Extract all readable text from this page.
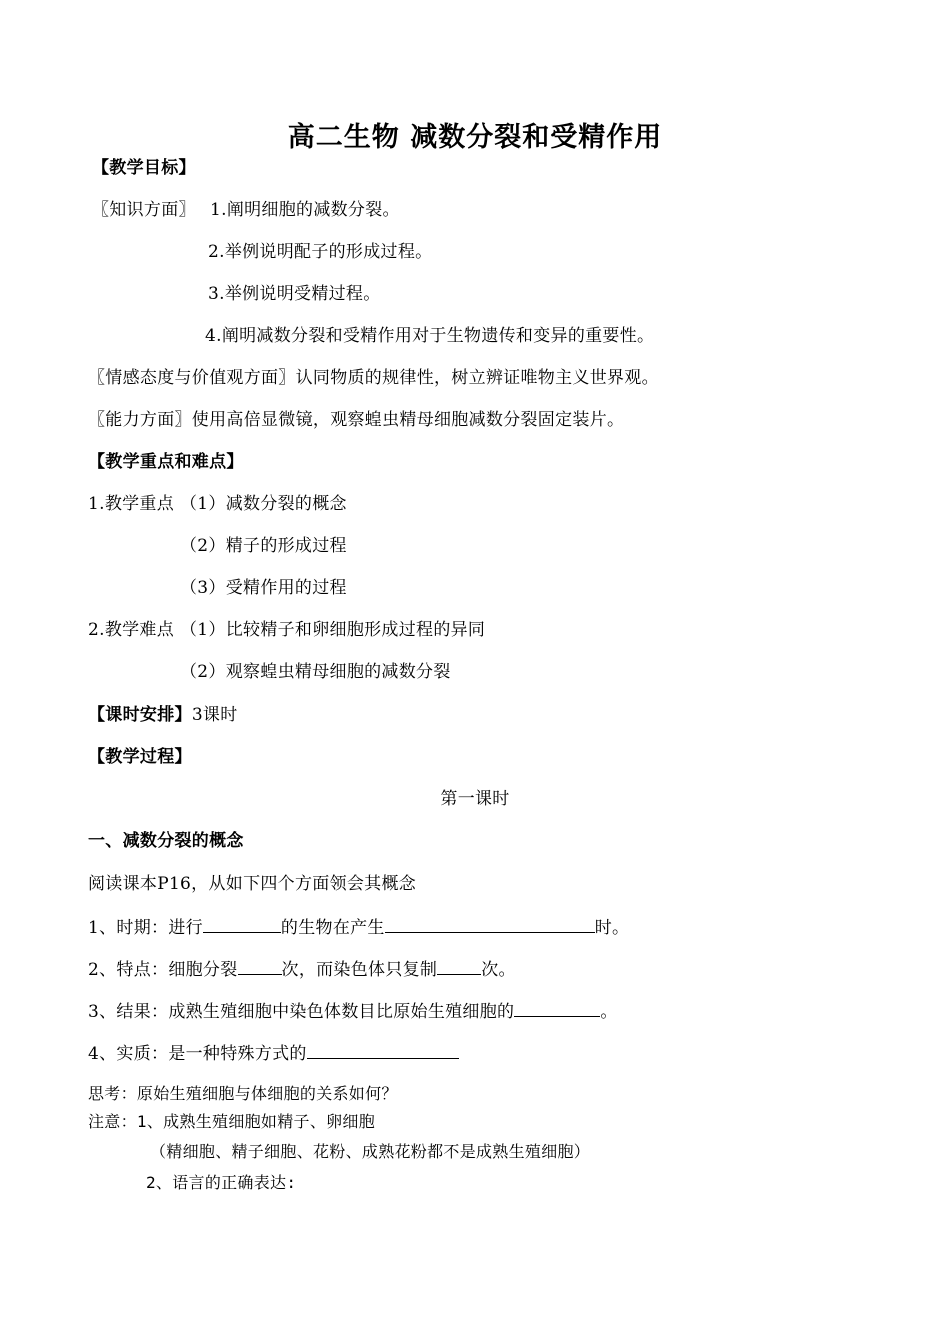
高二生物 减数分裂和受精作用
【教学目标】
〖知识方面〗 1.阐明细胞的减数分裂。
2.举例说明配子的形成过程。
3.举例说明受精过程。
4.阐明减数分裂和受精作用对于生物遗传和变异的重要性。
〖情感态度与价值观方面〗认同物质的规律性，树立辨证唯物主义世界观。
〖能力方面〗使用高倍显微镜，观察蝗虫精母细胞减数分裂固定装片。
【教学重点和难点】
1.教学重点 （1）减数分裂的概念
（2）精子的形成过程
（3）受精作用的过程
2.教学难点 （1）比较精子和卵细胞形成过程的异同
（2）观察蝗虫精母细胞的减数分裂
【课时安排】3课时
【教学过程】
第一课时
一、减数分裂的概念
阅读课本P16，从如下四个方面领会其概念
1、时期：进行	的生物在产生	时。
2、特点：细胞分裂	次，而染色体只复制	次。
3、结果：成熟生殖细胞中染色体数目比原始生殖细胞的	。
4、实质：是一种特殊方式的
思考：原始生殖细胞与体细胞的关系如何？
注意：1、成熟生殖细胞如精子、卵细胞
（精细胞、精子细胞、花粉、成熟花粉都不是成熟生殖细胞）
2、语言的正确表达:
